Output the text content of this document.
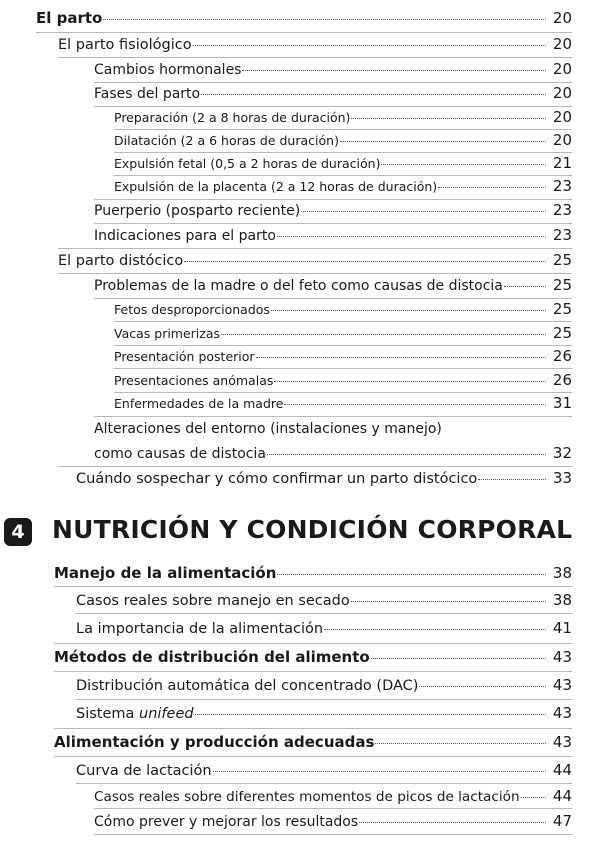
El parto	20
El parto fisiológico	20
Cambios hormonales	20
Fases del parto	20
Preparación (2 a 8 horas de duración)	20
Dilatación (2 a 6 horas de duración)	20
Expulsión fetal (0,5 a 2 horas de duración)	21
Expulsión de la placenta (2 a 12 horas de duración)	23
Puerperio (posparto reciente)	23
Indicaciones para el parto	23
El parto distócico	25
Problemas de la madre o del feto como causas de distocia	25
Fetos desproporcionados	25
Vacas primerizas	25
Presentación posterior	26
Presentaciones anómalas	26
Enfermedades de la madre	31
Alteraciones del entorno (instalaciones y manejo)
como causas de distocia	32
Cuándo sospechar y cómo confirmar un parto distócico	33
4 NUTRICIÓN Y CONDICIÓN CORPORAL
Manejo de la alimentación	38
Casos reales sobre manejo en secado	38
La importancia de la alimentación	41
Métodos de distribución del alimento	43
Distribución automática del concentrado (DAC)	43
Sistema unifeed	43
Alimentación y producción adecuadas	43
Curva de lactación	44
Casos reales sobre diferentes momentos de picos de lactación 44
Cómo prever y mejorar los resultados	47
